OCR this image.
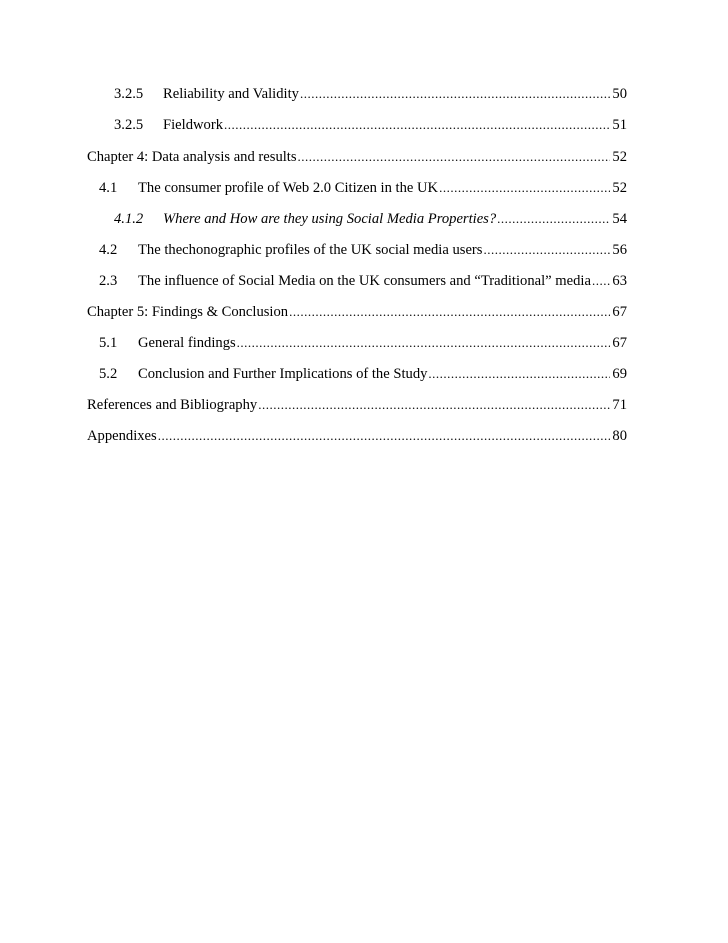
3.2.5 Reliability and Validity .....	50
3.2.5 Fieldwork .....	51
Chapter 4: Data analysis and results .....	52
4.1 The consumer profile of Web 2.0 Citizen in the UK .....	52
4.1.2 Where and How are they using Social Media Properties? .....	54
4.2 The thechonographic profiles of the UK social media users .....	56
2.3 The influence of Social Media on the UK consumers and “Traditional” media ..... 63
Chapter 5: Findings & Conclusion .....	67
5.1 General findings .....	67
5.2 Conclusion and Further Implications of the Study .....	69
References and Bibliography .....	71
Appendixes .....	80
